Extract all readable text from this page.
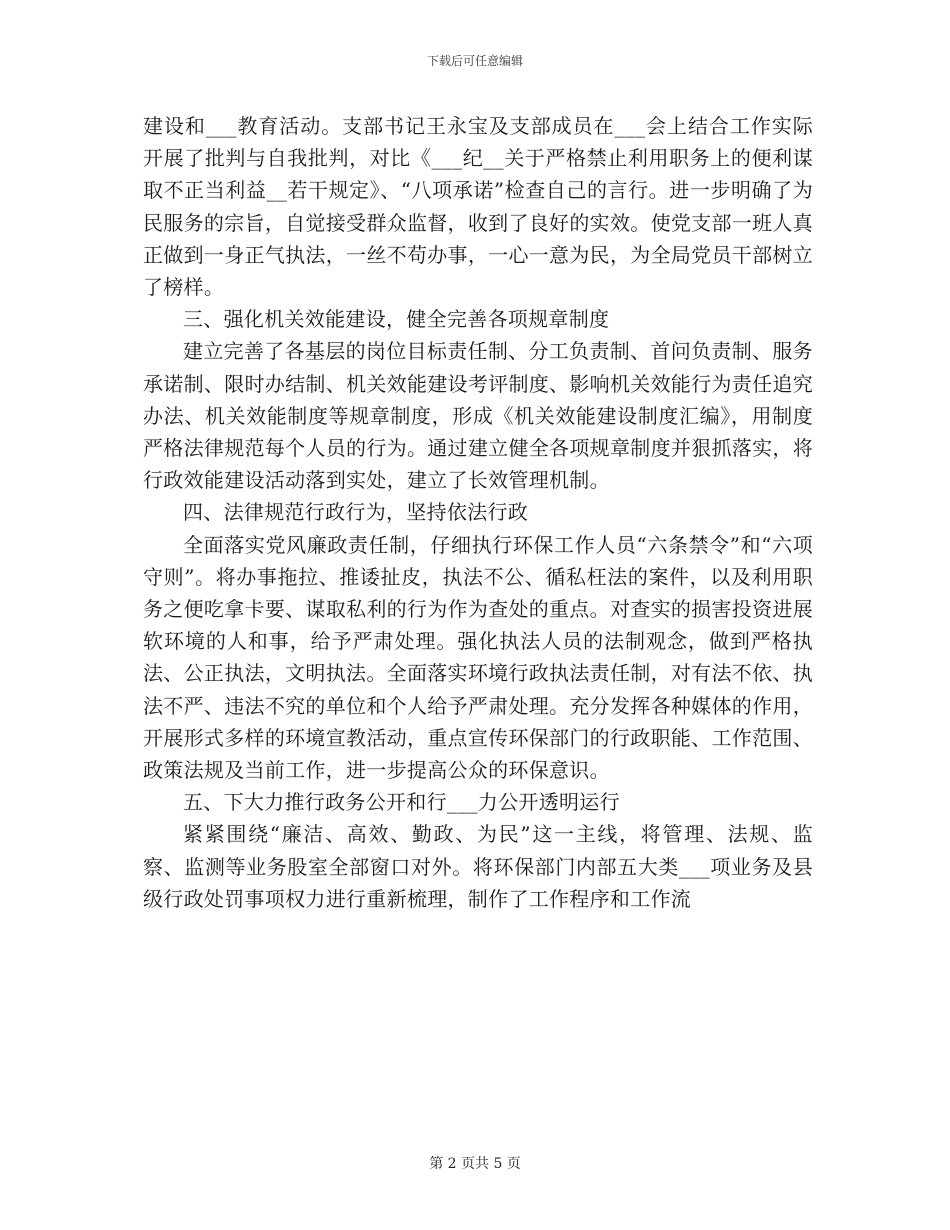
下载后可任意编辑

建设和___教育活动。支部书记王永宝及支部成员在___会上结合工作实际开展了批判与自我批判，对比《___纪__关于严格禁止利用职务上的便利谋取不正当利益__若干规定》、“八项承诺”检查自己的言行。进一步明确了为民服务的宗旨，自觉接受群众监督，收到了良好的实效。使党支部一班人真正做到一身正气执法，一丝不苟办事，一心一意为民，为全局党员干部树立了榜样。

三、强化机关效能建设，健全完善各项规章制度

建立完善了各基层的岗位目标责任制、分工负责制、首问负责制、服务承诺制、限时办结制、机关效能建设考评制度、影响机关效能行为责任追究办法、机关效能制度等规章制度，形成《机关效能建设制度汇编》，用制度严格法律规范每个人员的行为。通过建立健全各项规章制度并狠抓落实，将行政效能建设活动落到实处，建立了长效管理机制。

四、法律规范行政行为，坚持依法行政

全面落实党风廉政责任制，仔细执行环保工作人员“六条禁令”和“六项守则”。将办事拖拉、推诿扯皮，执法不公、循私枉法的案件，以及利用职务之便吃拿卡要、谋取私利的行为作为查处的重点。对查实的损害投资进展软环境的人和事，给予严肃处理。强化执法人员的法制观念，做到严格执法、公正执法，文明执法。全面落实环境行政执法责任制，对有法不依、执法不严、违法不究的单位和个人给予严肃处理。充分发挥各种媒体的作用，开展形式多样的环境宣教活动，重点宣传环保部门的行政职能、工作范围、政策法规及当前工作，进一步提高公众的环保意识。

五、下大力推行政务公开和行___力公开透明运行

紧紧围绕“廉洁、高效、勤政、为民”这一主线，将管理、法规、监察、监测等业务股室全部窗口对外。将环保部门内部五大类___项业务及县级行政处罚事项权力进行重新梳理，制作了工作程序和工作流

第 2 页共 5 页
